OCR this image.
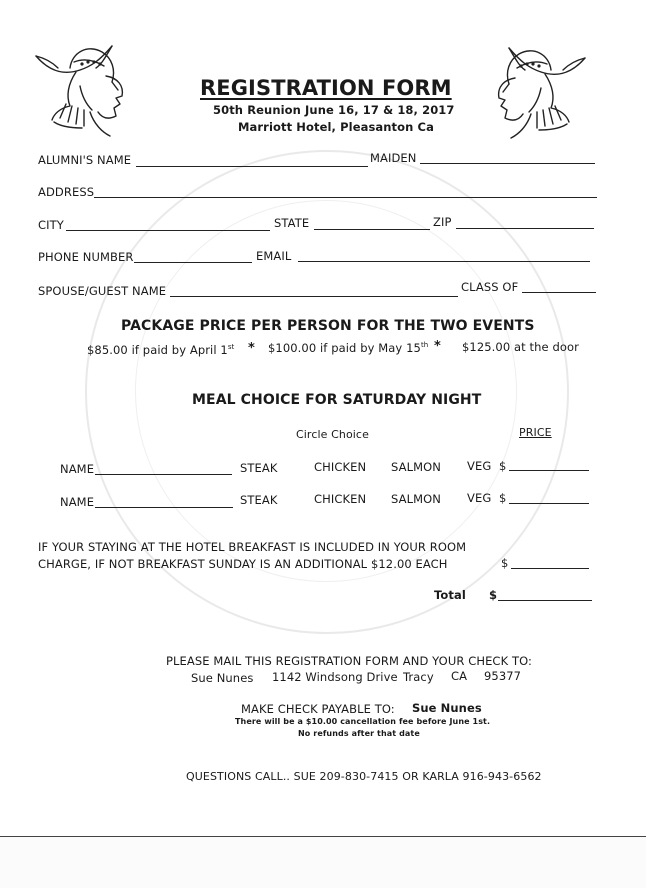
REGISTRATION FORM
50th Reunion June 16, 17 & 18, 2017
Marriott Hotel, Pleasanton Ca
ALUMNI'S NAME	MAIDEN
ADDRESS
CITY	STATE	ZIP
PHONE NUMBER	EMAIL
SPOUSE/GUEST NAME	CLASS OF
PACKAGE PRICE PER PERSON FOR THE TWO EVENTS
$85.00 if paid by April 1st * $100.00 if paid by May 15th * $125.00 at the door
MEAL CHOICE FOR SATURDAY NIGHT
Circle Choice	PRICE
NAME	STEAK	CHICKEN SALMON VEG $
NAME	STEAK	CHICKEN SALMON VEG $
IF YOUR STAYING AT THE HOTEL BREAKFAST IS INCLUDED IN YOUR ROOM
CHARGE, IF NOT BREAKFAST SUNDAY IS AN ADDITIONAL $12.00 EACH	$
Total $
PLEASE MAIL THIS REGISTRATION FORM AND YOUR CHECK TO:
Sue Nunes 1142 Windsong Drive Tracy CA 95377
MAKE CHECK PAYABLE TO: Sue Nunes
There will be a $10.00 cancellation fee before June 1st.
No refunds after that date
QUESTIONS CALL.. SUE 209-830-7415 OR KARLA 916-943-6562
